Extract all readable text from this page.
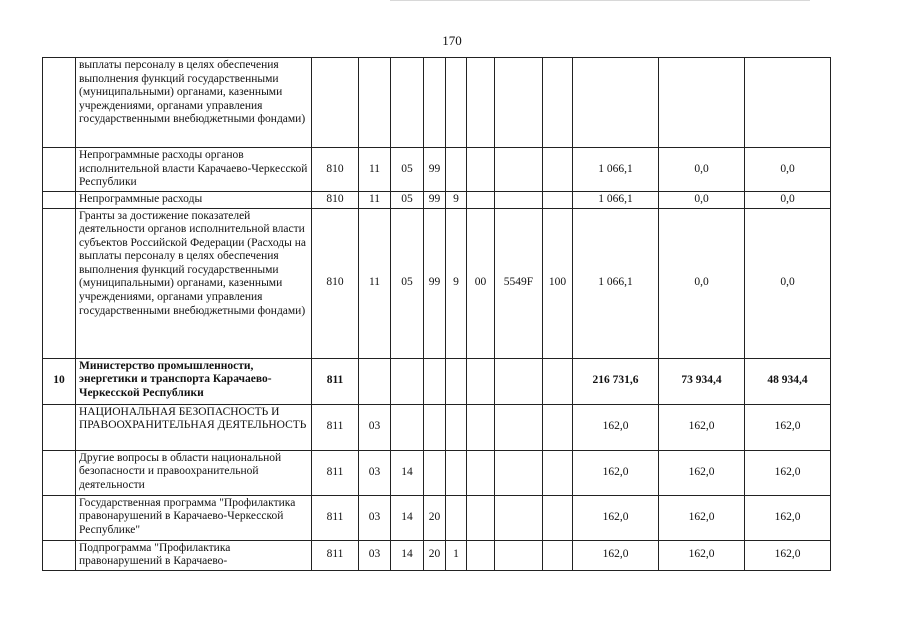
170
	выплаты персоналу в целях обеспечения выполнения функций государственными (муниципальными) органами, казенными учреждениями, органами управления государственными внебюджетными фондами)											
	Непрограммные расходы органов исполнительной власти Карачаево-Черкесской Республики	810	11	05	99					1 066,1	0,0	0,0
	Непрограммные расходы	810	11	05	99	9				1 066,1	0,0	0,0
	Гранты за достижение показателей деятельности органов исполнительной власти субъектов Российской Федерации (Расходы на выплаты персоналу в целях обеспечения выполнения функций государственными (муниципальными) органами, казенными учреждениями, органами управления государственными внебюджетными фондами)	810	11	05	99	9	00	5549F	100	1 066,1	0,0	0,0
10	Министерство промышленности, энергетики и транспорта Карачаево-Черкесской Республики	811								216 731,6	73 934,4	48 934,4
	НАЦИОНАЛЬНАЯ БЕЗОПАСНОСТЬ И ПРАВООХРАНИТЕЛЬНАЯ ДЕЯТЕЛЬНОСТЬ	811	03							162,0	162,0	162,0
	Другие вопросы в области национальной безопасности и правоохранительной деятельности	811	03	14						162,0	162,0	162,0
	Государственная программа "Профилактика правонарушений в Карачаево-Черкесской Республике"	811	03	14	20					162,0	162,0	162,0
	Подпрограмма "Профилактика правонарушений в Карачаево-	811	03	14	20	1				162,0	162,0	162,0
